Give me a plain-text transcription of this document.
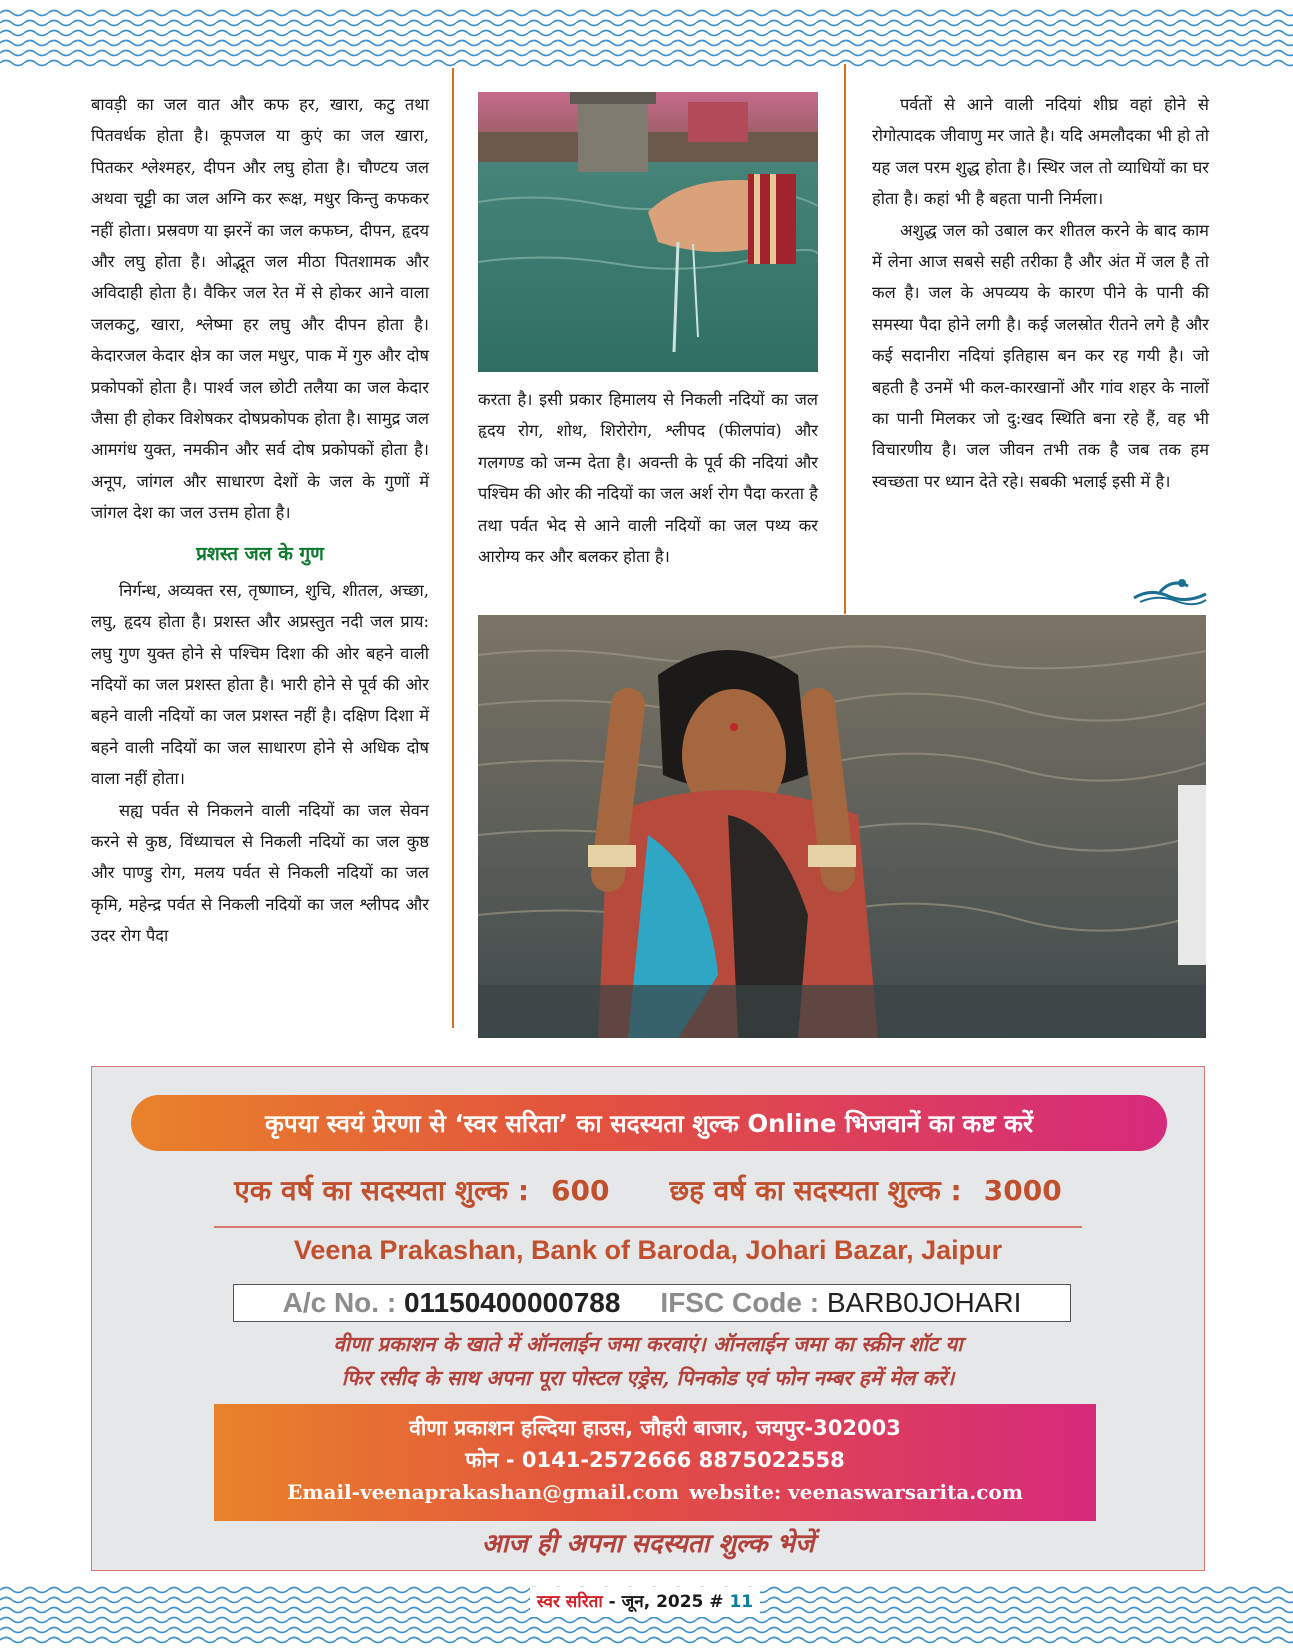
बावड़ी का जल वात और कफ हर, खारा, कटु तथा पितवर्धक होता है। कूपजल या कुएं का जल खारा, पितकर श्लेश्महर, दीपन और लघु होता है। चौण्टय जल अथवा चूट्टी का जल अग्नि कर रूक्ष, मधुर किन्तु कफकर नहीं होता। प्रस्रवण या झरनें का जल कफघ्न, दीपन, हृदय और लघु होता है। ओद्भूत जल मीठा पितशामक और अविदाही होता है। वैकिर जल रेत में से होकर आने वाला जलकटु, खारा, श्लेष्मा हर लघु और दीपन होता है। केदारजल केदार क्षेत्र का जल मधुर, पाक में गुरु और दोष प्रकोपकों होता है। पार्श्व जल छोटी तलैया का जल केदार जैसा ही होकर विशेषकर दोषप्रकोपक होता है। सामुद्र जल आमगंध युक्त, नमकीन और सर्व दोष प्रकोपकों होता है। अनूप, जांगल और साधारण देशों के जल के गुणों में जांगल देश का जल उत्तम होता है।

प्रशस्त जल के गुण

निर्गन्ध, अव्यक्त रस, तृष्णाघ्न, शुचि, शीतल, अच्छा, लघु, हृदय होता है। प्रशस्त और अप्रस्तुत नदी जल प्राय: लघु गुण युक्त होने से पश्चिम दिशा की ओर बहने वाली नदियों का जल प्रशस्त होता है। भारी होने से पूर्व की ओर बहने वाली नदियों का जल प्रशस्त नहीं है। दक्षिण दिशा में बहने वाली नदियों का जल साधारण होने से अधिक दोष वाला नहीं होता।

सह्य पर्वत से निकलने वाली नदियों का जल सेवन करने से कुष्ठ, विंध्याचल से निकली नदियों का जल कुष्ठ और पाण्डु रोग, मलय पर्वत से निकली नदियों का जल कृमि, महेन्द्र पर्वत से निकली नदियों का जल श्लीपद और उदर रोग पैदा

करता है। इसी प्रकार हिमालय से निकली नदियों का जल हृदय रोग, शोथ, शिरोरोग, श्लीपद (फीलपांव) और गलगण्ड को जन्म देता है। अवन्ती के पूर्व की नदियां और पश्चिम की ओर की नदियों का जल अर्श रोग पैदा करता है तथा पर्वत भेद से आने वाली नदियों का जल पथ्य कर आरोग्य कर और बलकर होता है।

पर्वतों से आने वाली नदियां शीघ्र वहां होने से रोगोत्पादक जीवाणु मर जाते है। यदि अमलौदका भी हो तो यह जल परम शुद्ध होता है। स्थिर जल तो व्याधियों का घर होता है। कहां भी है बहता पानी निर्मला।

अशुद्ध जल को उबाल कर शीतल करने के बाद काम में लेना आज सबसे सही तरीका है और अंत में जल है तो कल है। जल के अपव्यय के कारण पीने के पानी की समस्या पैदा होने लगी है। कई जलस्रोत रीतने लगे है और कई सदानीरा नदियां इतिहास बन कर रह गयी है। जो बहती है उनमें भी कल-कारखानों और गांव शहर के नालों का पानी मिलकर जो दु:खद स्थिति बना रहे हैं, वह भी विचारणीय है। जल जीवन तभी तक है जब तक हम स्वच्छता पर ध्यान देते रहे। सबकी भलाई इसी में है।

कृपया स्वयं प्रेरणा से ‘स्वर सरिता’ का सदस्यता शुल्क Online भिजवानें का कष्ट करें
एक वर्ष का सदस्यता शुल्क : 600 छह वर्ष का सदस्यता शुल्क : 3000
Veena Prakashan, Bank of Baroda, Johari Bazar, Jaipur
A/c No. : 01150400000788 IFSC Code : BARB0JOHARI
वीणा प्रकाशन के खाते में ऑनलाईन जमा करवाएं। ऑनलाईन जमा का स्क्रीन शॉट या
फिर रसीद के साथ अपना पूरा पोस्टल एड्रेस, पिनकोड एवं फोन नम्बर हमें मेल करें।
वीणा प्रकाशन हल्दिया हाउस, जौहरी बाजार, जयपुर-302003
फोन - 0141-2572666 8875022558
Email-veenaprakashan@gmail.com website: veenaswarsarita.com
आज ही अपना सदस्यता शुल्क भेजें
स्वर सरिता - जून, 2025 # 11
